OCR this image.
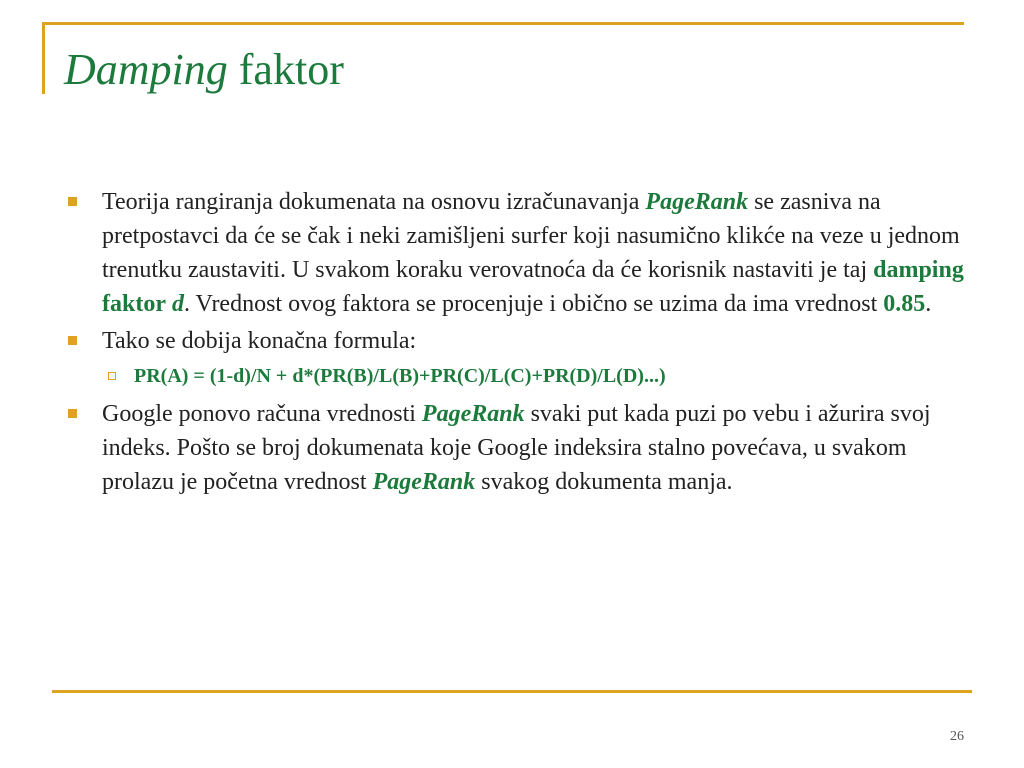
Damping faktor
Teorija rangiranja dokumenata na osnovu izračunavanja PageRank se zasniva na pretpostavci da će se čak i neki zamišljeni surfer koji nasumično klikće na veze u jednom trenutku zaustaviti. U svakom koraku verovatnoća da će korisnik nastaviti je taj damping faktor d. Vrednost ovog faktora se procenjuje i obično se uzima da ima vrednost 0.85.
Tako se dobija konačna formula:
PR(A) = (1-d)/N + d*(PR(B)/L(B)+PR(C)/L(C)+PR(D)/L(D)...)
Google ponovo računa vrednosti PageRank svaki put kada puzi po vebu i ažurira svoj indeks. Pošto se broj dokumenata koje Google indeksira stalno povećava, u svakom prolazu je početna vrednost PageRank svakog dokumenta manja.
26
